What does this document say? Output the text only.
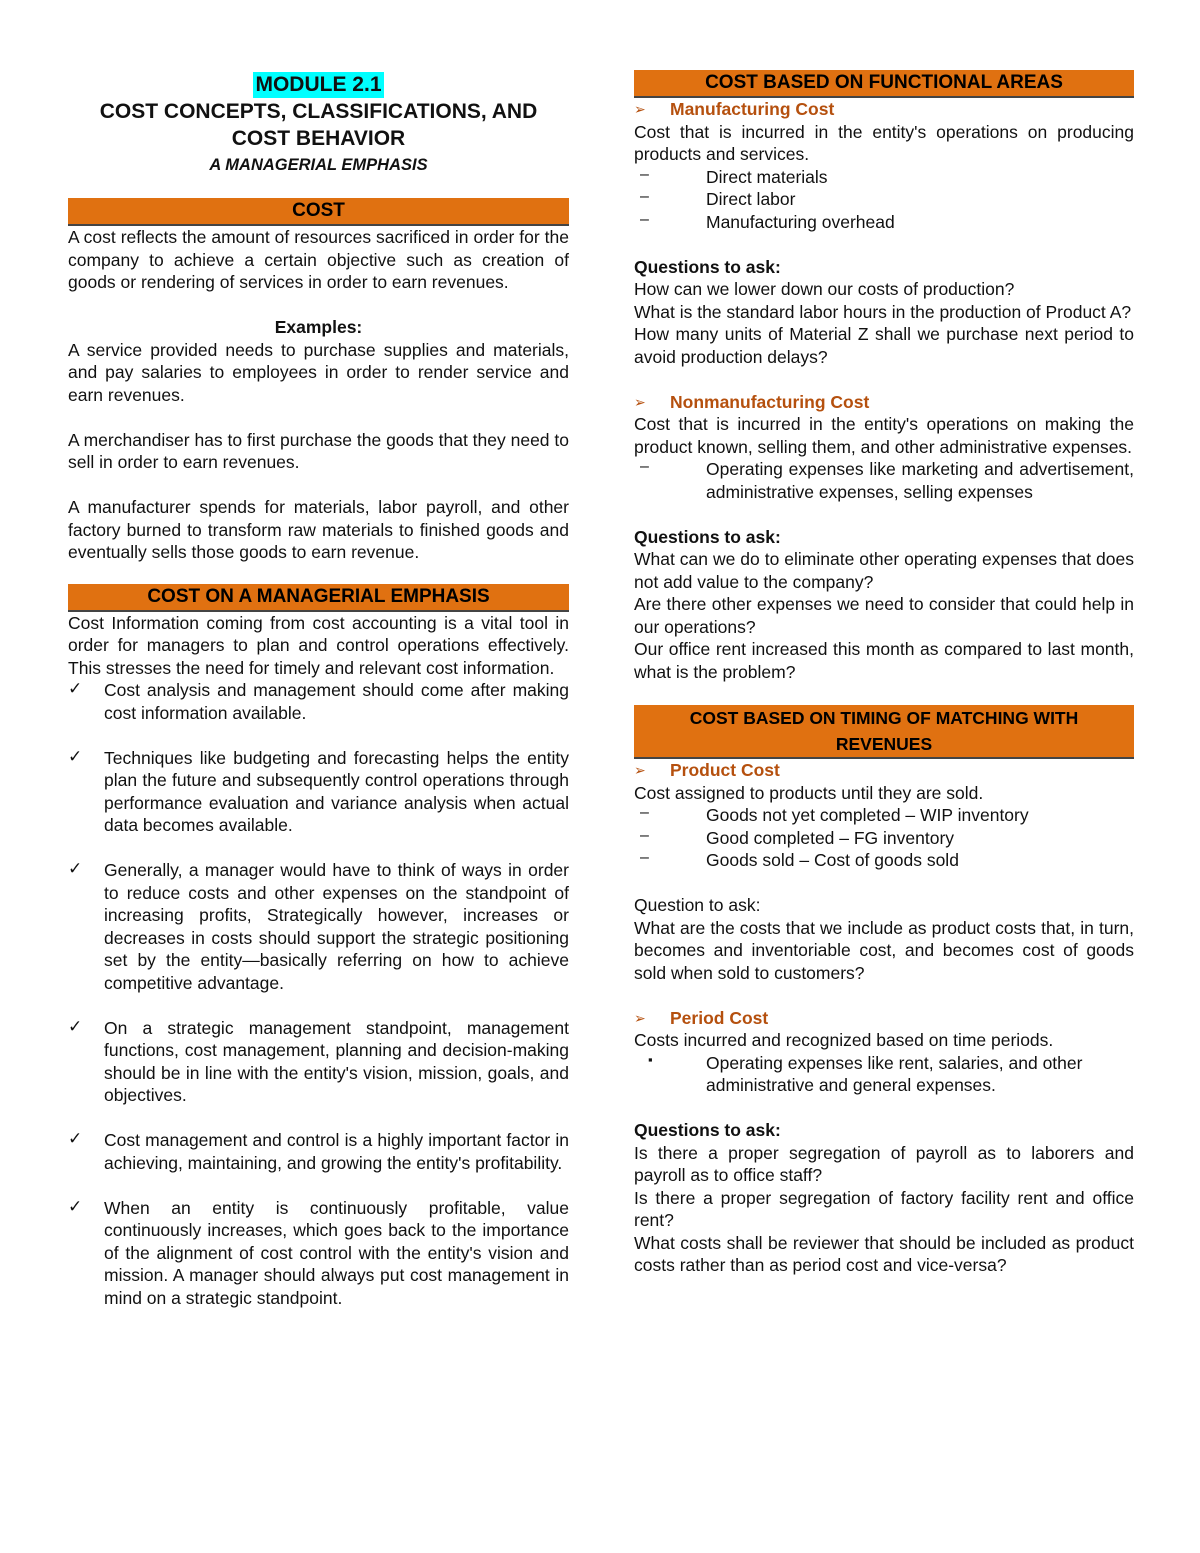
MODULE 2.1

COST CONCEPTS, CLASSIFICATIONS, AND

COST BEHAVIOR

A MANAGERIAL EMPHASIS

COST

A cost reflects the amount of resources sacrificed in order for the company to achieve a certain objective such as creation of goods or rendering of services in order to earn revenues.

Examples:

A service provided needs to purchase supplies and materials, and pay salaries to employees in order to render service and earn revenues.

A merchandiser has to first purchase the goods that they need to sell in order to earn revenues.

A manufacturer spends for materials, labor payroll, and other factory burned to transform raw materials to finished goods and eventually sells those goods to earn revenue.

COST ON A MANAGERIAL EMPHASIS

Cost Information coming from cost accounting is a vital tool in order for managers to plan and control operations effectively. This stresses the need for timely and relevant cost information.

✓	Cost analysis and management should come after making cost information available.

✓	Techniques like budgeting and forecasting helps the entity plan the future and subsequently control operations through performance evaluation and variance analysis when actual data becomes available.

✓	Generally, a manager would have to think of ways in order to reduce costs and other expenses on the standpoint of increasing profits, Strategically however, increases or decreases in costs should support the strategic positioning set by the entity—basically referring on how to achieve competitive advantage.

✓	On a strategic management standpoint, management functions, cost management, planning and decision-making should be in line with the entity's vision, mission, goals, and objectives.

✓	Cost management and control is a highly important factor in achieving, maintaining, and growing the entity's profitability.

✓	When an entity is continuously profitable, value continuously increases, which goes back to the importance of the alignment of cost control with the entity's vision and mission. A manager should always put cost management in mind on a strategic standpoint.

COST BASED ON FUNCTIONAL AREAS
➢	Manufacturing Cost

Cost that is incurred in the entity's operations on producing products and services.

–	Direct materials

–	Direct labor

–	Manufacturing overhead

Questions to ask:

How can we lower down our costs of production?

What is the standard labor hours in the production of Product A?

How many units of Material Z shall we purchase next period to avoid production delays?

➢	Nonmanufacturing Cost

Cost that is incurred in the entity's operations on making the product known, selling them, and other administrative expenses.

–	Operating expenses like marketing and advertisement, administrative expenses, selling expenses

Questions to ask:

What can we do to eliminate other operating expenses that does not add value to the company?

Are there other expenses we need to consider that could help in our operations?

Our office rent increased this month as compared to last month, what is the problem?

COST BASED ON TIMING OF MATCHING WITH
REVENUES
➢	Product Cost

Cost assigned to products until they are sold.

–	Goods not yet completed – WIP inventory

–	Good completed – FG inventory

–	Goods sold – Cost of goods sold

Question to ask:

What are the costs that we include as product costs that, in turn, becomes and inventoriable cost, and becomes cost of goods sold when sold to customers?

➢	Period Cost

Costs incurred and recognized based on time periods.

▪	Operating expenses like rent, salaries, and other administrative and general expenses.

Questions to ask:

Is there a proper segregation of payroll as to laborers and payroll as to office staff?

Is there a proper segregation of factory facility rent and office rent?

What costs shall be reviewer that should be included as product costs rather than as period cost and vice-versa?
